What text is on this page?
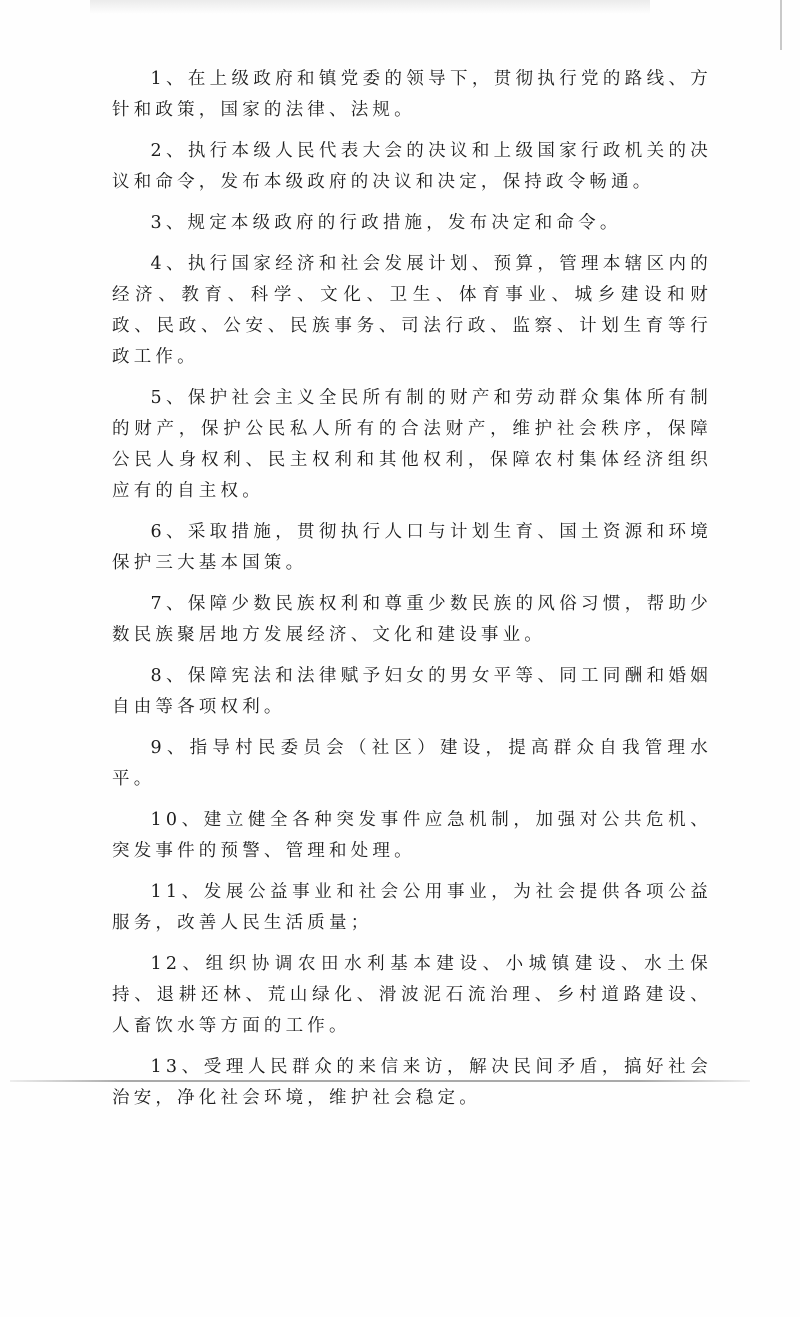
1、在上级政府和镇党委的领导下，贯彻执行党的路线、方针和政策，国家的法律、法规。

2、执行本级人民代表大会的决议和上级国家行政机关的决议和命令，发布本级政府的决议和决定，保持政令畅通。

3、规定本级政府的行政措施，发布决定和命令。

4、执行国家经济和社会发展计划、预算，管理本辖区内的经济、教育、科学、文化、卫生、体育事业、城乡建设和财政、民政、公安、民族事务、司法行政、监察、计划生育等行政工作。

5、保护社会主义全民所有制的财产和劳动群众集体所有制的财产，保护公民私人所有的合法财产，维护社会秩序，保障公民人身权利、民主权利和其他权利，保障农村集体经济组织应有的自主权。

6、采取措施，贯彻执行人口与计划生育、国土资源和环境保护三大基本国策。

7、保障少数民族权利和尊重少数民族的风俗习惯，帮助少数民族聚居地方发展经济、文化和建设事业。

8、保障宪法和法律赋予妇女的男女平等、同工同酬和婚姻自由等各项权利。

9、指导村民委员会（社区）建设，提高群众自我管理水平。

10、建立健全各种突发事件应急机制，加强对公共危机、突发事件的预警、管理和处理。

11、发展公益事业和社会公用事业，为社会提供各项公益服务，改善人民生活质量；

12、组织协调农田水利基本建设、小城镇建设、水土保持、退耕还林、荒山绿化、滑波泥石流治理、乡村道路建设、人畜饮水等方面的工作。

13、受理人民群众的来信来访，解决民间矛盾，搞好社会治安，净化社会环境，维护社会稳定。
